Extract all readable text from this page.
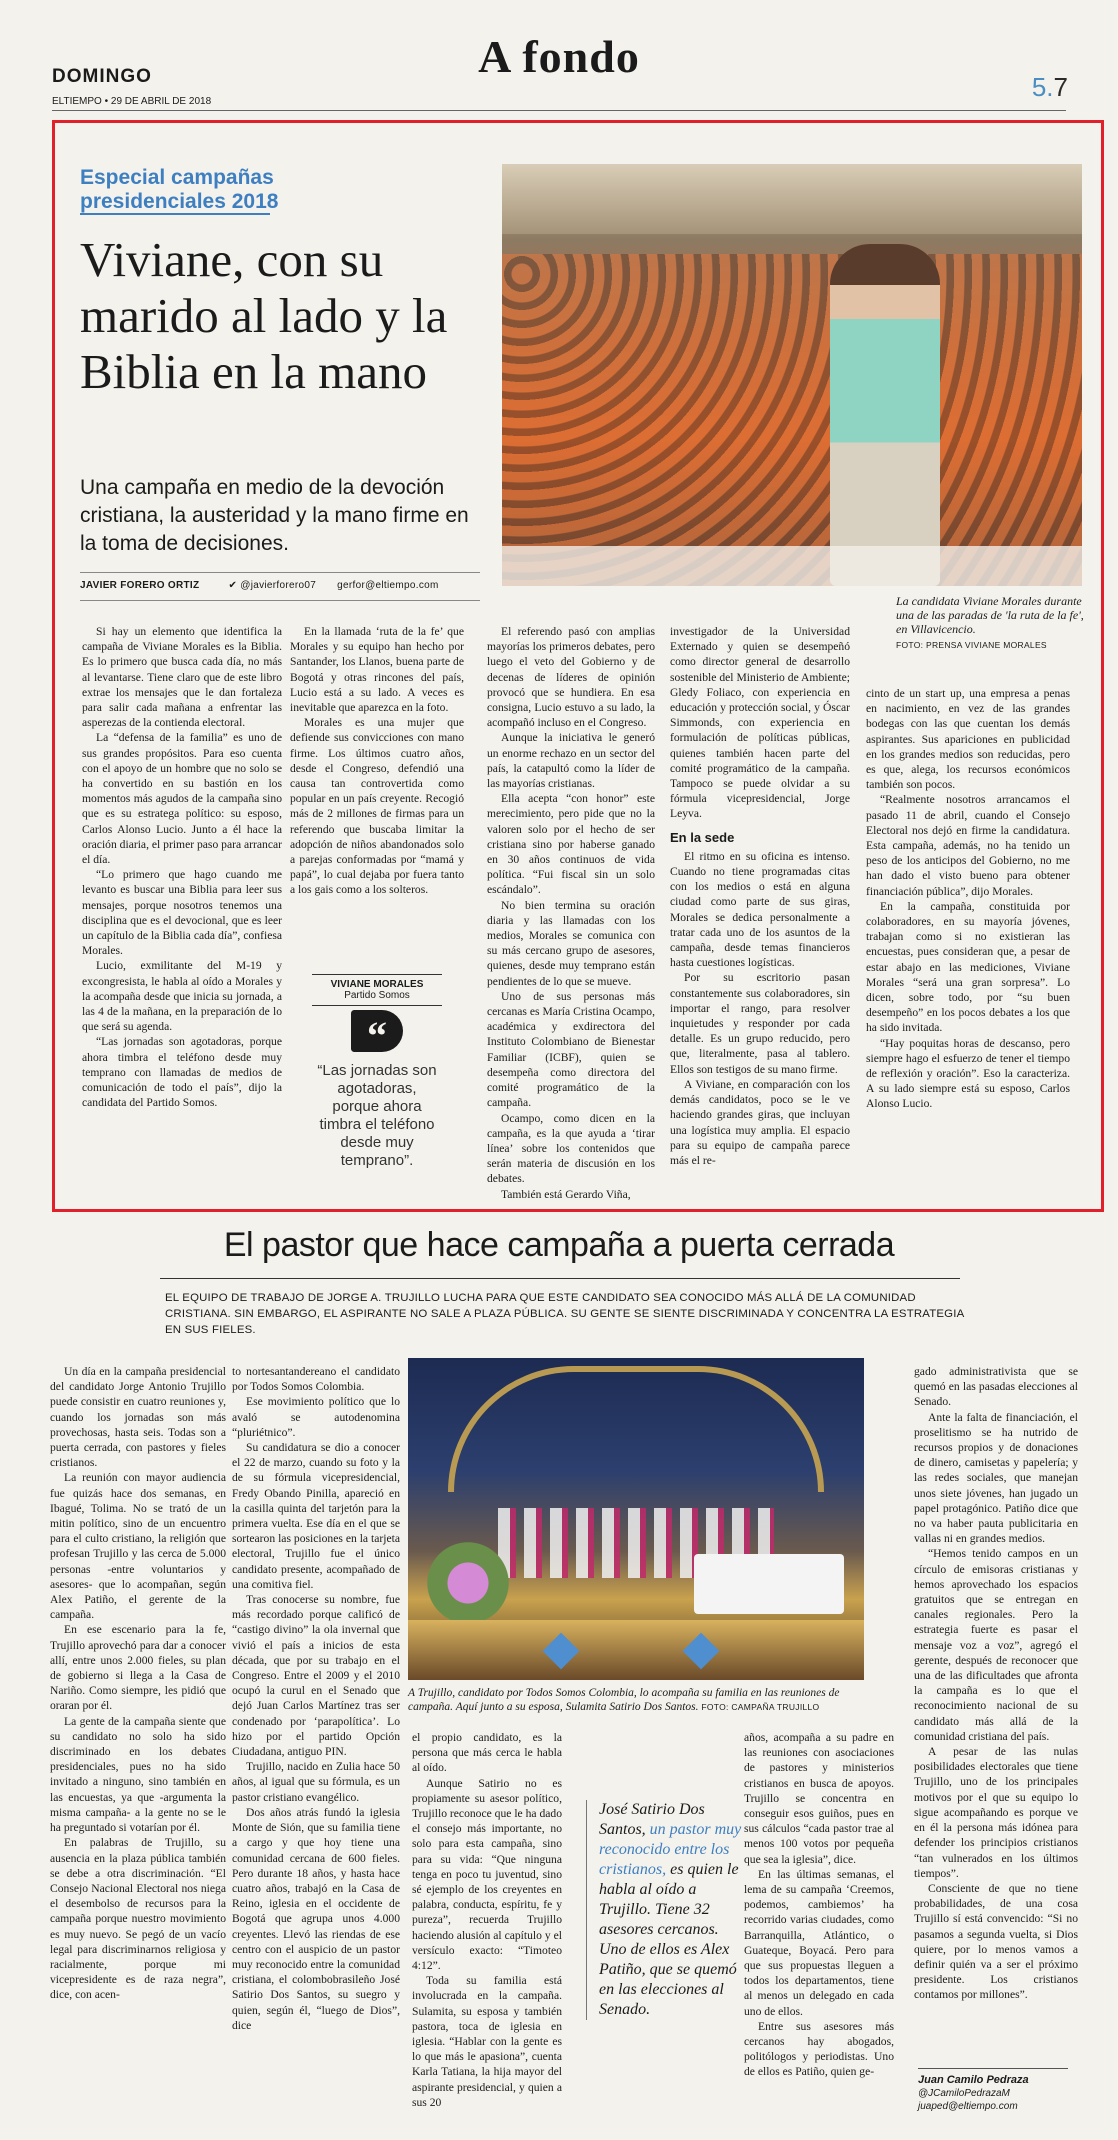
A fondo
DOMINGO
ELTIEMPO • 29 DE ABRIL DE 2018	5.7
Especial campañas presidenciales 2018
Viviane, con su marido al lado y la Biblia en la mano
Una campaña en medio de la devoción cristiana, la austeridad y la mano firme en la toma de decisiones.
JAVIER FORERO ORTIZ	✔ @javierforero07 gerfor@eltiempo.com
La candidata Viviane Morales durante una de las paradas de 'la ruta de la fe', en Villavicencio.
FOTO: PRENSA VIVIANE MORALES

Si hay un elemento que identifica la campaña de Viviane Morales es la Biblia. Es lo primero que busca cada día, no más al levantarse. Tiene claro que de este libro extrae los mensajes que le dan fortaleza para salir cada mañana a enfrentar las asperezas de la contienda electoral.

La “defensa de la familia” es uno de sus grandes propósitos. Para eso cuenta con el apoyo de un hombre que no solo se ha convertido en su bastión en los momentos más agudos de la campaña sino que es su estratega político: su esposo, Carlos Alonso Lucio. Junto a él hace la oración diaria, el primer paso para arrancar el día.

“Lo primero que hago cuando me levanto es buscar una Biblia para leer sus mensajes, porque nosotros tenemos una disciplina que es el devocional, que es leer un capítulo de la Biblia cada día”, confiesa Morales.

Lucio, exmilitante del M-19 y excongresista, le habla al oído a Morales y la acompaña desde que inicia su jornada, a las 4 de la mañana, en la preparación de lo que será su agenda.

“Las jornadas son agotadoras, porque ahora timbra el teléfono desde muy temprano con llamadas de medios de comunicación de todo el país”, dijo la candidata del Partido Somos.

En la llamada ‘ruta de la fe’ que Morales y su equipo han hecho por Santander, los Llanos, buena parte de Bogotá y otras rincones del país, Lucio está a su lado. A veces es inevitable que aparezca en la foto.

Morales es una mujer que defiende sus convicciones con mano firme. Los últimos cuatro años, desde el Congreso, defendió una causa tan controvertida como popular en un país creyente. Recogió más de 2 millones de firmas para un referendo que buscaba limitar la adopción de niños abandonados solo a parejas conformadas por “mamá y papá”, lo cual dejaba por fuera tanto a los gais como a los solteros.

VIVIANE MORALES
Partido Somos
“
“Las jornadas son agotadoras, porque ahora timbra el teléfono desde muy temprano”.

El referendo pasó con amplias mayorías los primeros debates, pero luego el veto del Gobierno y de decenas de líderes de opinión provocó que se hundiera. En esa consigna, Lucio estuvo a su lado, la acompañó incluso en el Congreso.

Aunque la iniciativa le generó un enorme rechazo en un sector del país, la catapultó como la líder de las mayorías cristianas.

Ella acepta “con honor” este merecimiento, pero pide que no la valoren solo por el hecho de ser cristiana sino por haberse ganado en 30 años continuos de vida política. “Fui fiscal sin un solo escándalo”.

No bien termina su oración diaria y las llamadas con los medios, Morales se comunica con su más cercano grupo de asesores, quienes, desde muy temprano están pendientes de lo que se mueve.

Uno de sus personas más cercanas es María Cristina Ocampo, académica y exdirectora del Instituto Colombiano de Bienestar Familiar (ICBF), quien se desempeña como directora del comité programático de la campaña.

Ocampo, como dicen en la campaña, es la que ayuda a ‘tirar línea’ sobre los contenidos que serán materia de discusión en los debates.

También está Gerardo Viña,

investigador de la Universidad Externado y quien se desempeñó como director general de desarrollo sostenible del Ministerio de Ambiente; Gledy Foliaco, con experiencia en educación y protección social, y Óscar Simmonds, con experiencia en formulación de políticas públicas, quienes también hacen parte del comité programático de la campaña. Tampoco se puede olvidar a su fórmula vicepresidencial, Jorge Leyva.

En la sede

El ritmo en su oficina es intenso. Cuando no tiene programadas citas con los medios o está en alguna ciudad como parte de sus giras, Morales se dedica personalmente a tratar cada uno de los asuntos de la campaña, desde temas financieros hasta cuestiones logísticas.

Por su escritorio pasan constantemente sus colaboradores, sin importar el rango, para resolver inquietudes y responder por cada detalle. Es un grupo reducido, pero que, literalmente, pasa al tablero. Ellos son testigos de su mano firme.

A Viviane, en comparación con los demás candidatos, poco se le ve haciendo grandes giras, que incluyan una logística muy amplia. El espacio para su equipo de campaña parece más el re-

cinto de un start up, una empresa a penas en nacimiento, en vez de las grandes bodegas con las que cuentan los demás aspirantes. Sus apariciones en publicidad en los grandes medios son reducidas, pero es que, alega, los recursos económicos también son pocos.

“Realmente nosotros arrancamos el pasado 11 de abril, cuando el Consejo Electoral nos dejó en firme la candidatura. Esta campaña, además, no ha tenido un peso de los anticipos del Gobierno, no me han dado el visto bueno para obtener financiación pública”, dijo Morales.

En la campaña, constituida por colaboradores, en su mayoría jóvenes, trabajan como si no existieran las encuestas, pues consideran que, a pesar de estar abajo en las mediciones, Viviane Morales “será una gran sorpresa”. Lo dicen, sobre todo, por “su buen desempeño” en los pocos debates a los que ha sido invitada.

“Hay poquitas horas de descanso, pero siempre hago el esfuerzo de tener el tiempo de reflexión y oración”. Eso la caracteriza. A su lado siempre está su esposo, Carlos Alonso Lucio.

El pastor que hace campaña a puerta cerrada
EL EQUIPO DE TRABAJO DE JORGE A. TRUJILLO LUCHA PARA QUE ESTE CANDIDATO SEA CONOCIDO MÁS ALLÁ DE LA COMUNIDAD CRISTIANA. SIN EMBARGO, EL ASPIRANTE NO SALE A PLAZA PÚBLICA. SU GENTE SE SIENTE DISCRIMINADA Y CONCENTRA LA ESTRATEGIA EN SUS FIELES.
A Trujillo, candidato por Todos Somos Colombia, lo acompaña su familia en las reuniones de campaña. Aquí junto a su esposa, Sulamita Satirio Dos Santos. FOTO: CAMPAÑA TRUJILLO

Un día en la campaña presidencial del candidato Jorge Antonio Trujillo puede consistir en cuatro reuniones y, cuando los jornadas son más provechosas, hasta seis. Todas son a puerta cerrada, con pastores y fieles cristianos.

La reunión con mayor audiencia fue quizás hace dos semanas, en Ibagué, Tolima. No se trató de un mitin político, sino de un encuentro para el culto cristiano, la religión que profesan Trujillo y las cerca de 5.000 personas -entre voluntarios y asesores- que lo acompañan, según Alex Patiño, el gerente de la campaña.

En ese escenario para la fe, Trujillo aprovechó para dar a conocer allí, entre unos 2.000 fieles, su plan de gobierno si llega a la Casa de Nariño. Como siempre, les pidió que oraran por él.

La gente de la campaña siente que su candidato no solo ha sido discriminado en los debates presidenciales, pues no ha sido invitado a ninguno, sino también en las encuestas, ya que -argumenta la misma campaña- a la gente no se le ha preguntado si votarían por él.

En palabras de Trujillo, su ausencia en la plaza pública también se debe a otra discriminación. “El Consejo Nacional Electoral nos niega el desembolso de recursos para la campaña porque nuestro movimiento es muy nuevo. Se pegó de un vacío legal para discriminarnos religiosa y racialmente, porque mi vicepresidente es de raza negra”, dice, con acen-

to nortesantandereano el candidato por Todos Somos Colombia.

Ese movimiento político que lo avaló se autodenomina “pluriétnico”.

Su candidatura se dio a conocer el 22 de marzo, cuando su foto y la de su fórmula vicepresidencial, Fredy Obando Pinilla, apareció en la casilla quinta del tarjetón para la primera vuelta. Ese día en el que se sortearon las posiciones en la tarjeta electoral, Trujillo fue el único candidato presente, acompañado de una comitiva fiel.

Tras conocerse su nombre, fue más recordado porque calificó de “castigo divino” la ola invernal que vivió el país a inicios de esta década, que por su trabajo en el Congreso. Entre el 2009 y el 2010 ocupó la curul en el Senado que dejó Juan Carlos Martínez tras ser condenado por ‘parapolítica’. Lo hizo por el partido Opción Ciudadana, antiguo PIN.

Trujillo, nacido en Zulia hace 50 años, al igual que su fórmula, es un pastor cristiano evangélico.

Dos años atrás fundó la iglesia Monte de Sión, que su familia tiene a cargo y que hoy tiene una comunidad cercana de 600 fieles. Pero durante 18 años, y hasta hace cuatro años, trabajó en la Casa de Reino, iglesia en el occidente de Bogotá que agrupa unos 4.000 creyentes. Llevó las riendas de ese centro con el auspicio de un pastor muy reconocido entre la comunidad cristiana, el colombobrasileño José Satirio Dos Santos, su suegro y quien, según él, “luego de Dios”, dice

el propio candidato, es la persona que más cerca le habla al oído.

Aunque Satirio no es propiamente su asesor político, Trujillo reconoce que le ha dado el consejo más importante, no solo para esta campaña, sino para su vida: “Que ninguna tenga en poco tu juventud, sino sé ejemplo de los creyentes en palabra, conducta, espíritu, fe y pureza”, recuerda Trujillo haciendo alusión al capítulo y el versículo exacto: “Timoteo 4:12”.

Toda su familia está involucrada en la campaña. Sulamita, su esposa y también pastora, toca de iglesia en iglesia. “Hablar con la gente es lo que más le apasiona”, cuenta Karla Tatiana, la hija mayor del aspirante presidencial, y quien a sus 20

José Satirio Dos Santos, un pastor muy reconocido entre los cristianos, es quien le habla al oído a Trujillo. Tiene 32 asesores cercanos. Uno de ellos es Alex Patiño, que se quemó en las elecciones al Senado.

años, acompaña a su padre en las reuniones con asociaciones de pastores y ministerios cristianos en busca de apoyos. Trujillo se concentra en conseguir esos guiños, pues en sus cálculos “cada pastor trae al menos 100 votos por pequeña que sea la iglesia”, dice.

En las últimas semanas, el lema de su campaña ‘Creemos, podemos, cambiemos’ ha recorrido varias ciudades, como Barranquilla, Atlántico, o Guateque, Boyacá. Pero para que sus propuestas lleguen a todos los departamentos, tiene al menos un delegado en cada uno de ellos.

Entre sus asesores más cercanos hay abogados, politólogos y periodistas. Uno de ellos es Patiño, quien ge-

gado administrativista que se quemó en las pasadas elecciones al Senado.

Ante la falta de financiación, el proselitismo se ha nutrido de recursos propios y de donaciones de dinero, camisetas y papelería; y las redes sociales, que manejan unos siete jóvenes, han jugado un papel protagónico. Patiño dice que no va haber pauta publicitaria en vallas ni en grandes medios.

“Hemos tenido campos en un círculo de emisoras cristianas y hemos aprovechado los espacios gratuitos que se entregan en canales regionales. Pero la estrategia fuerte es pasar el mensaje voz a voz”, agregó el gerente, después de reconocer que una de las dificultades que afronta la campaña es lo que el reconocimiento nacional de su candidato más allá de la comunidad cristiana del país.

A pesar de las nulas posibilidades electorales que tiene Trujillo, uno de los principales motivos por el que su equipo lo sigue acompañando es porque ve en él la persona más idónea para defender los principios cristianos “tan vulnerados en los últimos tiempos”.

Consciente de que no tiene probabilidades, de una cosa Trujillo sí está convencido: “Si no pasamos a segunda vuelta, si Dios quiere, por lo menos vamos a definir quién va a ser el próximo presidente. Los cristianos contamos por millones”.

Juan Camilo Pedraza
@JCamiloPedrazaM
juaped@eltiempo.com
